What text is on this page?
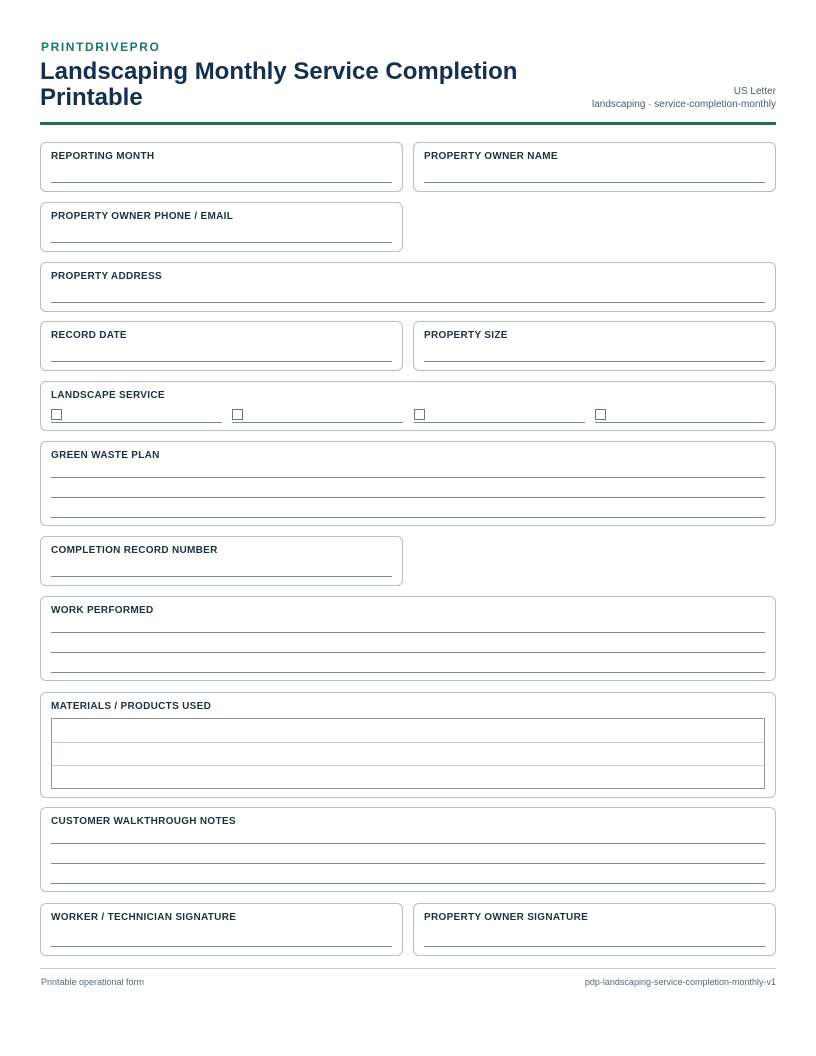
PRINTDRIVEPRO
Landscaping Monthly Service Completion Printable	US Letter
landscaping · service-completion-monthly
REPORTING MONTH	PROPERTY OWNER NAME
PROPERTY OWNER PHONE / EMAIL
PROPERTY ADDRESS
RECORD DATE	PROPERTY SIZE
LANDSCAPE SERVICE
GREEN WASTE PLAN
COMPLETION RECORD NUMBER
WORK PERFORMED
MATERIALS / PRODUCTS USED
CUSTOMER WALKTHROUGH NOTES
WORKER / TECHNICIAN SIGNATURE	PROPERTY OWNER SIGNATURE
Printable operational form	pdp-landscaping-service-completion-monthly-v1
